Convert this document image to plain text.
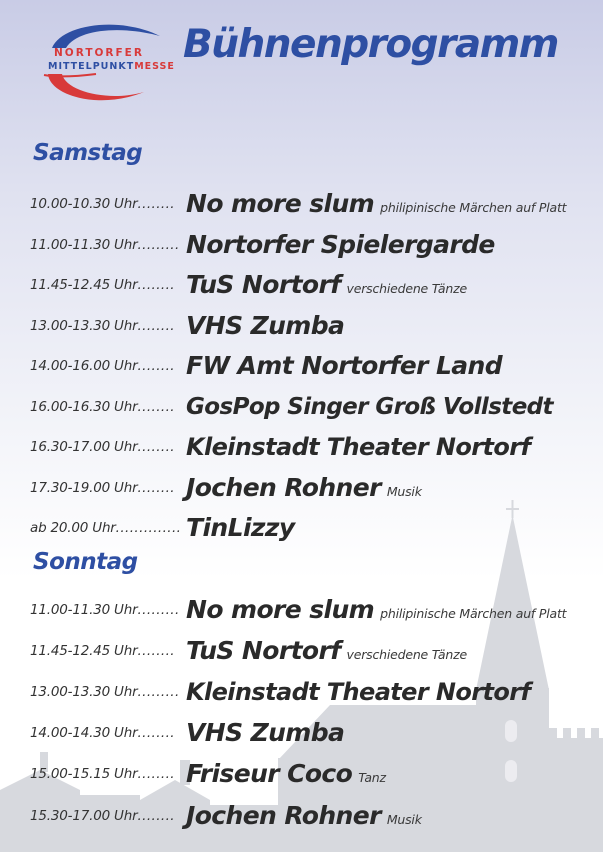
NORTORFER
MITTELPUNKTMESSE Bühnenprogramm
Samstag
10.00-10.30 Uhr........ No more slum philipinische Märchen auf Platt
11.00-11.30 Uhr......... Nortorfer Spielergarde
11.45-12.45 Uhr........ TuS Nortorf verschiedene Tänze
13.00-13.30 Uhr........ VHS Zumba
14.00-16.00 Uhr........ FW Amt Nortorfer Land
16.00-16.30 Uhr........ GosPop Singer Groß Vollstedt
16.30-17.00 Uhr........ Kleinstadt Theater Nortorf
17.30-19.00 Uhr........ Jochen Rohner Musik
ab 20.00 Uhr.............. TinLizzy
Sonntag
11.00-11.30 Uhr......... No more slum philipinische Märchen auf Platt
11.45-12.45 Uhr........ TuS Nortorf verschiedene Tänze
13.00-13.30 Uhr......... Kleinstadt Theater Nortorf
14.00-14.30 Uhr........ VHS Zumba
15.00-15.15 Uhr........ Friseur Coco Tanz
15.30-17.00 Uhr........ Jochen Rohner Musik
